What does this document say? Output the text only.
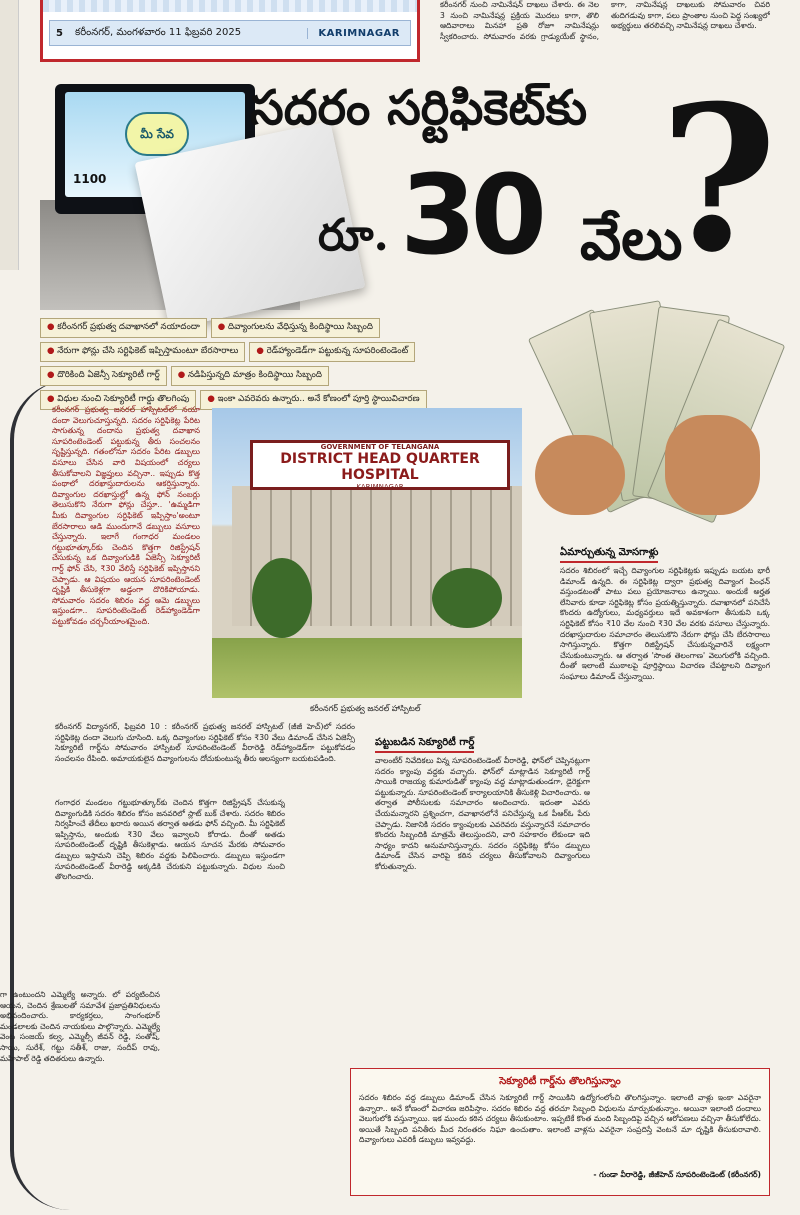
5	కరీంనగర్, మంగళవారం 11 ఫిబ్రవరి 2025	KARIMNAGAR

కరీంనగర్ నుంచి నామినేషన్ దాఖలు చేశారు. ఈ నెల 3 నుంచి నామినేషన్ల ప్రక్రియ మొదలు కాగా, తొలి ఆదివారాలు మినహా ప్రతి రోజూ నామినేషన్లు స్వీకరించారు. సోమవారం వరకు గ్రాడ్యుయేట్ స్థానం, కాగా, నామినేషన్ల దాఖలుకు సోమవారం చివరి తుదిగడువు కాగా, పలు ప్రాంతాల నుంచి పెద్ద సంఖ్యలో అభ్యర్థులు తరలివచ్చి నామినేషన్ల దాఖలు చేశారు.

మీ సేవ
1100
సదరం సర్టిఫికెట్‌కు
రూ. 30 వేలు
?
● కరీంనగర్ ప్రభుత్వ దవాఖానలో నయాదందా	● దివ్యాంగులను వేధిస్తున్న కిందిస్థాయి సిబ్బంది
● నేరుగా ఫోన్లు చేసి సర్టిఫికెట్ ఇప్పిస్తామంటూ బేరసారాలు	● రెడ్‌హ్యాండెడ్‌గా పట్టుకున్న సూపరింటెండెంట్
● దొరికింది ఏజెన్సీ సెక్యూరిటీ గార్డ్	● నడిపిస్తున్నది మాత్రం కిందిస్థాయి సిబ్బంది
● విధుల నుంచి సెక్యూరిటీ గార్డు తొలగింపు	● ఇంకా ఎవరెవరు ఉన్నారు.. అనే కోణంలో పూర్తి స్థాయివిచారణ

కరీంనగర్ ప్రభుత్వ జనరల్ హాస్పిటల్‌లో నయా దందా వెలుగుచూస్తున్నది. సదరం సర్టిఫికెట్ల పేరిట సాగుతున్న దందాను ప్రభుత్వ దవాఖాన సూపరింటెండెంట్ పట్టుకున్న తీరు సంచలనం సృష్టిస్తున్నది. గతంలోనూ సదరం పేరిట డబ్బులు వసూలు చేసిన వారి విషయంలో చర్యలు తీసుకోవాలని విజ్ఞప్తులు వచ్చినా.. ఇప్పుడు కొత్త పంథాలో దరఖాస్తుదారులను ఆకర్షిస్తున్నారు. దివ్యాంగుల దరఖాస్తుల్లో ఉన్న ఫోన్ నంబర్లు తెలుసుకొని నేరుగా ఫోన్లు చేస్తూ.. 'ఉమ్మడిగా మీకు దివ్యాంగుల సర్టిఫికెట్ ఇప్పిస్తాం'అంటూ బేరసారాలు ఆడి ముందుగానే డబ్బులు వసూలు చేస్తున్నారు. ఇలాగే గంగాధర మండలం గట్టుభూత్కూర్‌కు చెందిన కొత్తగా రిజిస్ట్రేషన్ చేసుకున్న ఒక దివ్యాంగుడికి ఏజెన్సీ సెక్యూరిటీ గార్డ్ ఫోన్ చేసి, ₹30 వేలిస్తే సర్టిఫికెట్ ఇప్పిస్తానని చెప్పాడు. ఆ విషయం ఆయన సూపరింటెండెంట్ దృష్టికి తీసుకెళ్లగా అడ్డంగా దొరికిపోయాడు. సోమవారం సదరం శిబిరం వద్ద ఆమె డబ్బులు ఇస్తుండగా.. సూపరింటెండెంట్ రెడ్‌హ్యాండెడ్‌గా పట్టుకోవడం చర్చనీయాంశమైంది.

GOVERNMENT OF TELANGANA
DISTRICT HEAD QUARTER HOSPITAL
KARIMNAGAR
కరీంనగర్ ప్రభుత్వ జనరల్ హాస్పిటల్

కరీంనగర్ విద్యానగర్, ఫిబ్రవరి 10 : కరీంనగర్ ప్రభుత్వ జనరల్ హాస్పిటల్ (జీజీ హెచ్)లో సదరం సర్టిఫికెట్ల దందా వెలుగు చూసింది. ఒక్క దివ్యాంగుల సర్టిఫికెట్ కోసం ₹30 వేలు డిమాండ్ చేసిన ఏజెన్సీ సెక్యూరిటీ గార్డ్‌ను సోమవారం హాస్పిటల్ సూపరింటెండెంట్ వీరారెడ్డి రెడ్‌హ్యాండెడ్‌గా పట్టుకోవడం సంచలనం రేపింది. అమాయకులైన దివ్యాంగులను దోచుకుంటున్న తీరు ఆలస్యంగా బయటపడింది.

గంగాధర మండలం గట్టుభూత్కూర్‌కు చెందిన కొత్తగా రిజిస్ట్రేషన్ చేసుకున్న దివ్యాంగుడికి సదరం శిబిరం కోసం జనవరిలో స్లాట్ బుక్ చేశారు. సదరం శిబిరం నిర్వహించే తేదీలు ఖరారు అయిన తర్వాత అతడు ఫోన్ వచ్చింది. మీ సర్టిఫికెట్ ఇప్పిస్తాను, అందుకు ₹30 వేలు ఇవ్వాలని కోరాడు. దీంతో అతడు సూపరింటెండెంట్ దృష్టికి తీసుకెళ్లాడు. ఆయన సూచన మేరకు సోమవారం డబ్బులు ఇస్తామని చెప్పి శిబిరం వద్దకు పిలిపించారు. డబ్బులు ఇస్తుండగా సూపరింటెండెంట్ వీరారెడ్డి అక్కడికి చేరుకుని పట్టుకున్నారు. విధుల నుంచి తొలగించారు.

పట్టుబడిన సెక్యూరిటీ గార్డ్

వాలంటీర్ నివేదికలు విన్న సూపరింటెండెంట్ వీరారెడ్డి, ఫోన్‌లో చెప్పినట్లుగా సదరం క్యాంపు వద్దకు వచ్చారు. ఫోన్‌లో మాట్లాడిన సెక్యూరిటీ గార్డ్ సాయికి రాజయ్య కుమారుడితో క్యాంపు వద్ద మాట్లాడుతుండగా, డైరెక్టుగా పట్టుకున్నారు. సూపరింటెండెంట్ కార్యాలయానికి తీసుకెళ్లి విచారించారు. ఆ తర్వాత పోలీసులకు సమాచారం అందించారు. ఇదంతా ఎవరు చేయమన్నారని ప్రశ్నించగా, దవాఖానలోనే పనిచేస్తున్న ఒక పీఆర్‌ఓ పేరు చెప్పాడు. నిజానికి సదరం క్యాంపులకు ఎవరెవరు వస్తున్నారనే సమాచారం కొందరు సిబ్బందికి మాత్రమే తెలుస్తుందని, వారి సహకారం లేకుండా ఇది సాధ్యం కాదని అనుమానిస్తున్నారు. సదరం సర్టిఫికెట్ల కోసం డబ్బులు డిమాండ్ చేసిన వారిపై కఠిన చర్యలు తీసుకోవాలని దివ్యాంగులు కోరుతున్నారు.

ఏమార్చుతున్న మోసగాళ్లు

సదరం శిబిరంలో ఇచ్చే దివ్యాంగుల సర్టిఫికెట్లకు ఇప్పుడు బయట భారీ డిమాండ్ ఉన్నది. ఈ సర్టిఫికెట్ల ద్వారా ప్రభుత్వ దివ్యాంగ పింఛన్ వస్తుండటంతో పాటు పలు ప్రయోజనాలు ఉన్నాయి. అందుకే అర్హత లేనివారు కూడా సర్టిఫికెట్ల కోసం ప్రయత్నిస్తున్నారు. దవాఖానలో పనిచేసే కొందరు ఉద్యోగులు, మధ్యవర్తులు ఇదే అవకాశంగా తీసుకుని ఒక్క సర్టిఫికెట్ కోసం ₹10 వేల నుంచి ₹30 వేల వరకు వసూలు చేస్తున్నారు. దరఖాస్తుదారుల సమాచారం తెలుసుకొని నేరుగా ఫోన్లు చేసి బేరసారాలు సాగిస్తున్నారు. కొత్తగా రిజిస్ట్రేషన్ చేసుకున్నవారినే లక్ష్యంగా చేసుకుంటున్నారు. ఆ తర్వాత 'సొంత తెలంగాణ' వెలుగులోకి వచ్చింది. దీంతో ఇలాంటి ముఠాలపై పూర్తిస్థాయి విచారణ చేపట్టాలని దివ్యాంగ సంఘాలు డిమాండ్ చేస్తున్నాయి.

గా ఉంటుందని ఎమ్మెల్యే అన్నారు. లో పర్యటించిన ఆయన, చెందిన శ్రేణులతో సమావేశ ప్రజాప్రతినిధులను అభినందించారు. కార్యకర్తలు, సాంగంభూర్ మండలాలకు చెందిన నాయకులు పాల్గొన్నారు. ఎమ్మెల్యే వెంట సంజయ్ కల్వ, ఎమ్మెల్సీ జీవన్ రెడ్డి, సంతోష్, సాయి, సురేశ్, గట్టు సతీశ్, రాజు, సందీప్ రావు, మహిపాల్ రెడ్డి తదితరులు ఉన్నారు.

సెక్యూరిటీ గార్డ్‌ను తొలగిస్తున్నాం

సదరం శిబిరం వద్ద డబ్బులు డిమాండ్ చేసిన సెక్యూరిటీ గార్డ్ సాయికిని ఉద్యోగంలోంచి తొలగిస్తున్నాం. ఇలాంటి వాళ్లు ఇంకా ఎవరైనా ఉన్నారా.. అనే కోణంలో విచారణ జరిపిస్తాం. సదరం శిబిరం వద్ద తరచూ సిబ్బంది విధులను మార్పుకుతున్నాం. అయినా ఇలాంటి దందాలు వెలుగులోకి వస్తున్నాయి. ఇక ముందు కఠిన చర్యలు తీసుకుంటాం. ఇప్పటికే కొంత మంది సిబ్బందిపై వచ్చిన ఆరోపణలు వచ్చినా తీసుకోలేదు. అయితే సిబ్బంది పనితీరు మీద నిరంతరం నిఘా ఉంచుతాం. ఇలాంటి వాళ్లను ఎవరైనా సంప్రదిస్తే వెంటనే మా దృష్టికి తీసుకురావాలి. దివ్యాంగులు ఎవరికీ డబ్బులు ఇవ్వవద్దు.

- గుండా వీరారెడ్డి, జీజీహెచ్ సూపరింటెండెంట్ (కరీంనగర్)
